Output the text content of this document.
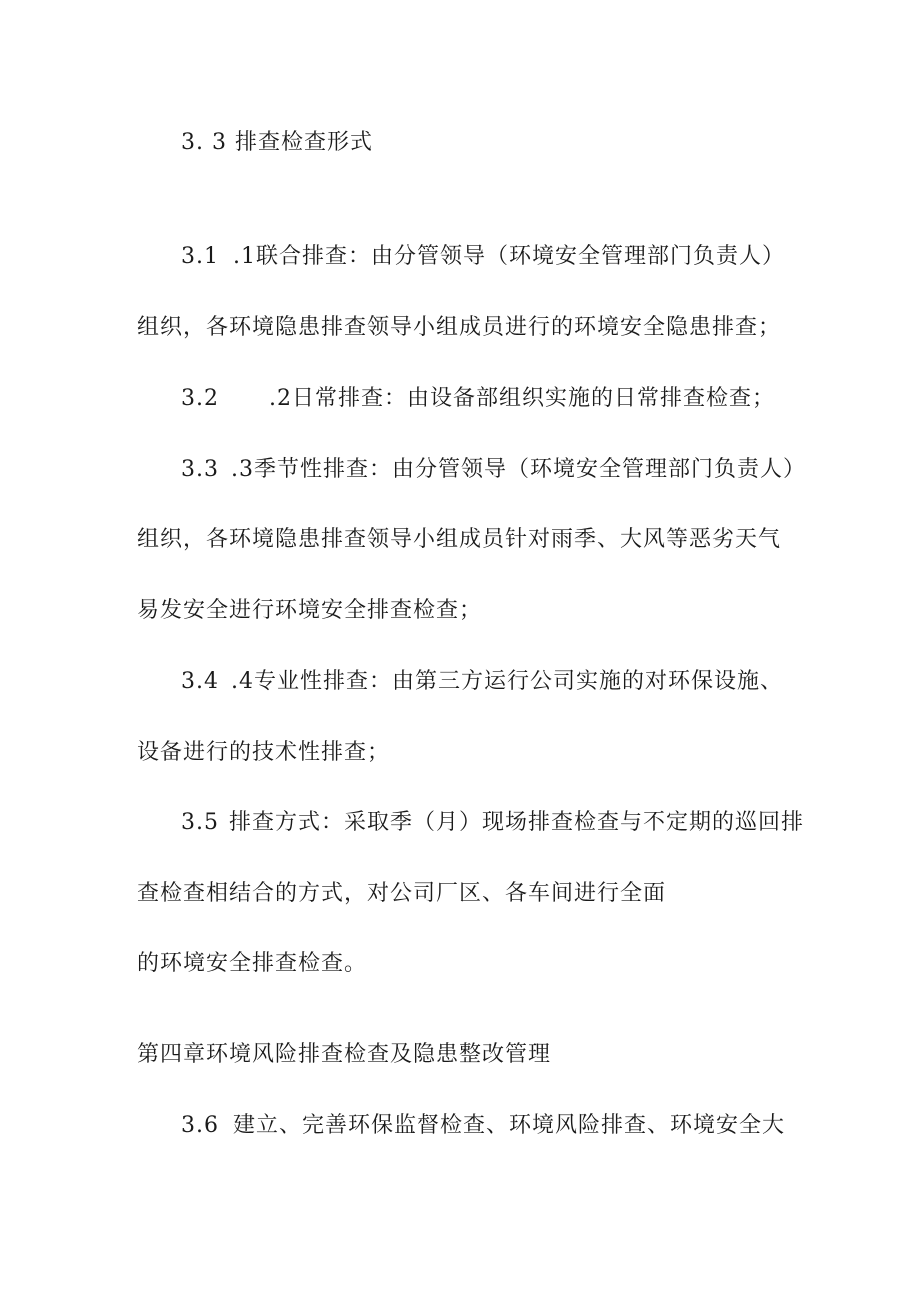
3. 3 排查检查形式
3.1 .1联合排查：由分管领导（环境安全管理部门负责人）
组织，各环境隐患排查领导小组成员进行的环境安全隐患排查；
3.2 .2日常排查：由设备部组织实施的日常排查检查；
3.3 .3季节性排查：由分管领导（环境安全管理部门负责人）
组织，各环境隐患排查领导小组成员针对雨季、大风等恶劣天气
易发安全进行环境安全排查检查；
3.4 .4专业性排查：由第三方运行公司实施的对环保设施、
设备进行的技术性排查；
3.5 排查方式：采取季（月）现场排查检查与不定期的巡回排
查检查相结合的方式，对公司厂区、各车间进行全面
的环境安全排查检查。
第四章环境风险排查检查及隐患整改管理
3.6 建立、完善环保监督检查、环境风险排查、环境安全大
